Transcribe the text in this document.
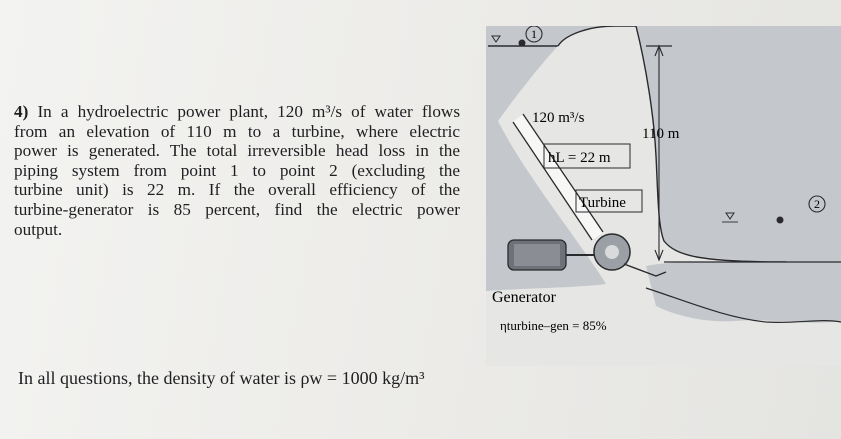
4) In a hydroelectric power plant, 120 m³/s of water flows
from an elevation of 110 m to a turbine, where electric
power is generated. The total irreversible head loss in the
piping system from point 1 to point 2 (excluding the
turbine unit) is 22 m. If the overall efficiency of the
turbine-generator is 85 percent, find the electric power
output.
In all questions, the density of water is ρw = 1000 kg/m³
1
2
120 m³/s
hL = 22 m
110 m
Turbine
Generator
ηturbine–gen = 85%
